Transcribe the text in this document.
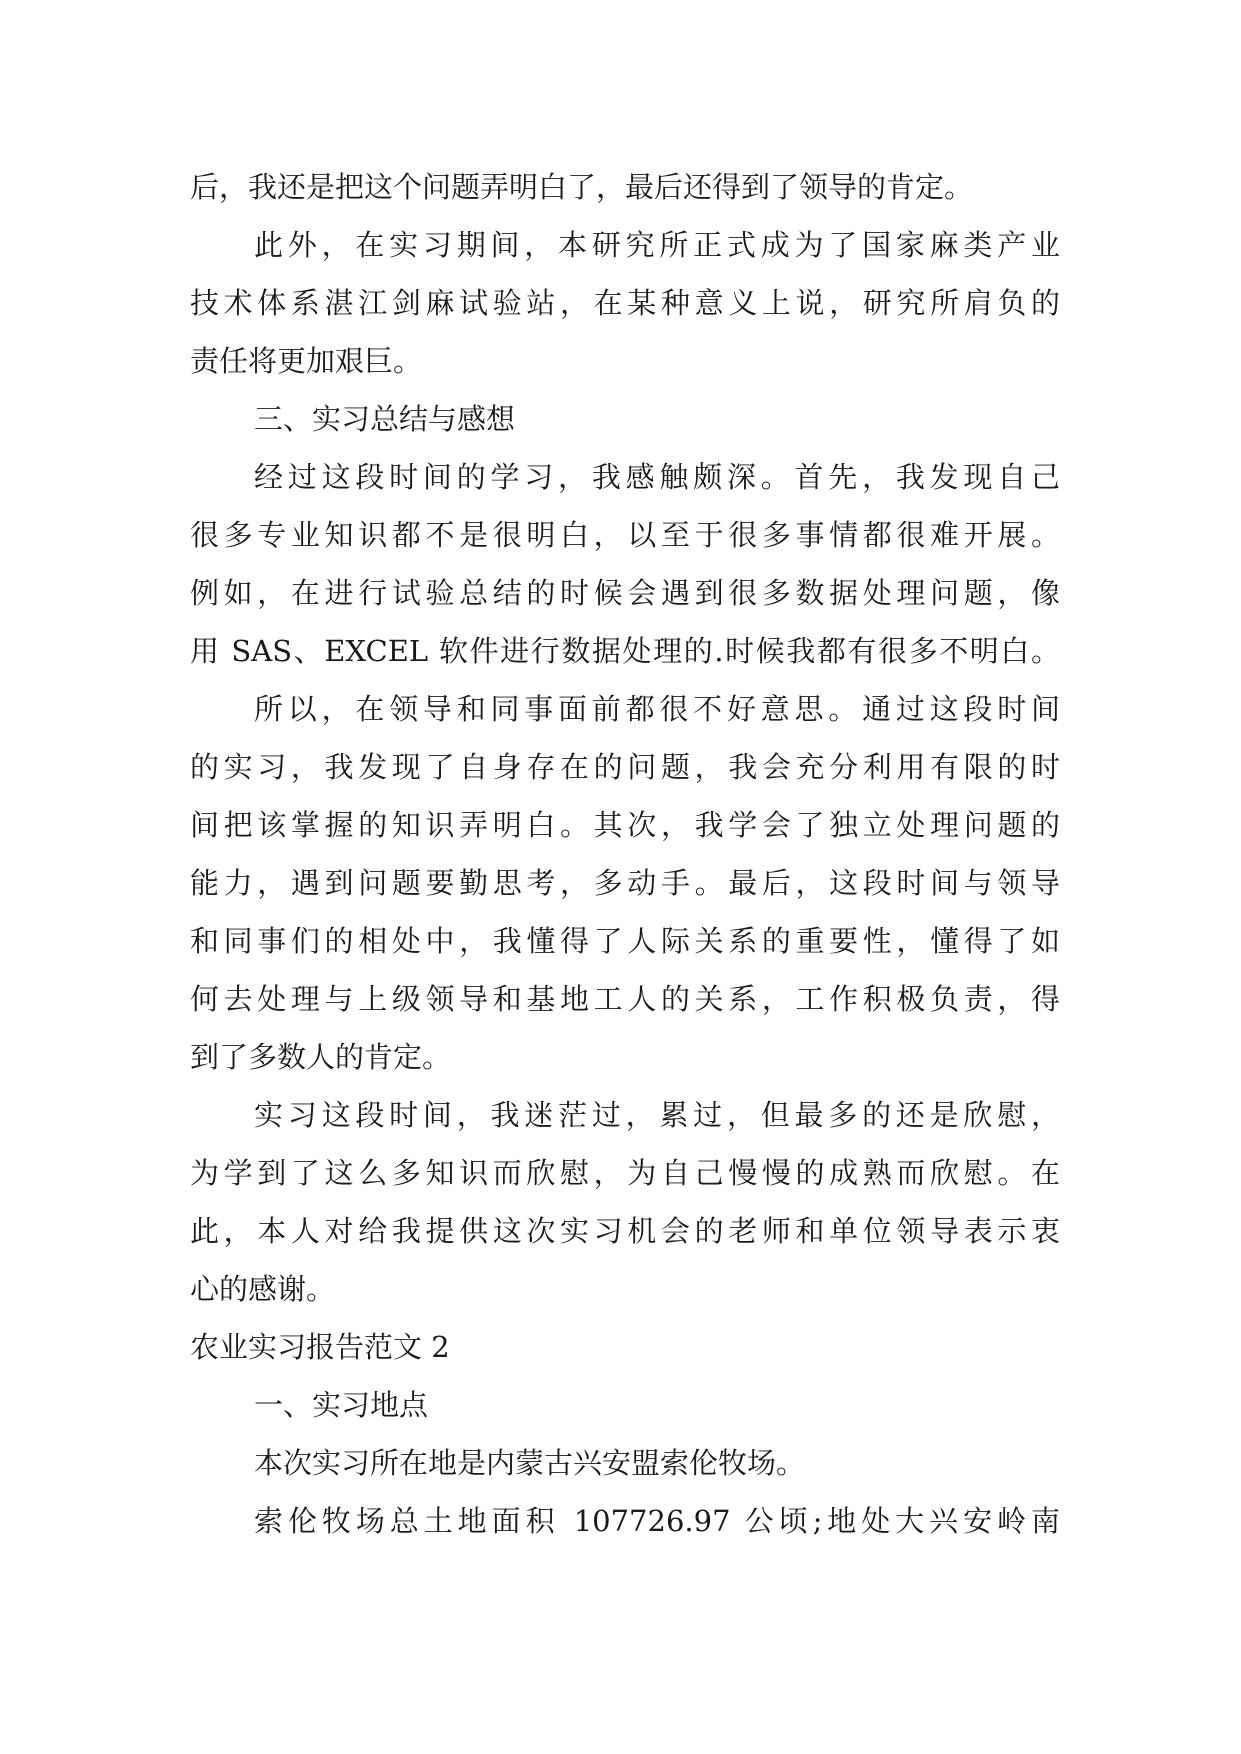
后，我还是把这个问题弄明白了，最后还得到了领导的肯定。
此外，在实习期间，本研究所正式成为了国家麻类产业
技术体系湛江剑麻试验站，在某种意义上说，研究所肩负的
责任将更加艰巨。
三、实习总结与感想
经过这段时间的学习，我感触颇深。首先，我发现自己
很多专业知识都不是很明白，以至于很多事情都很难开展。
例如，在进行试验总结的时候会遇到很多数据处理问题，像
用 SAS、EXCEL 软件进行数据处理的.时候我都有很多不明白。
所以，在领导和同事面前都很不好意思。通过这段时间
的实习，我发现了自身存在的问题，我会充分利用有限的时
间把该掌握的知识弄明白。其次，我学会了独立处理问题的
能力，遇到问题要勤思考，多动手。最后，这段时间与领导
和同事们的相处中，我懂得了人际关系的重要性，懂得了如
何去处理与上级领导和基地工人的关系，工作积极负责，得
到了多数人的肯定。
实习这段时间，我迷茫过，累过，但最多的还是欣慰，
为学到了这么多知识而欣慰，为自己慢慢的成熟而欣慰。在
此，本人对给我提供这次实习机会的老师和单位领导表示衷
心的感谢。
农业实习报告范文 2
一、实习地点
本次实习所在地是内蒙古兴安盟索伦牧场。
索伦牧场总土地面积 107726.97 公顷;地处大兴安岭南
